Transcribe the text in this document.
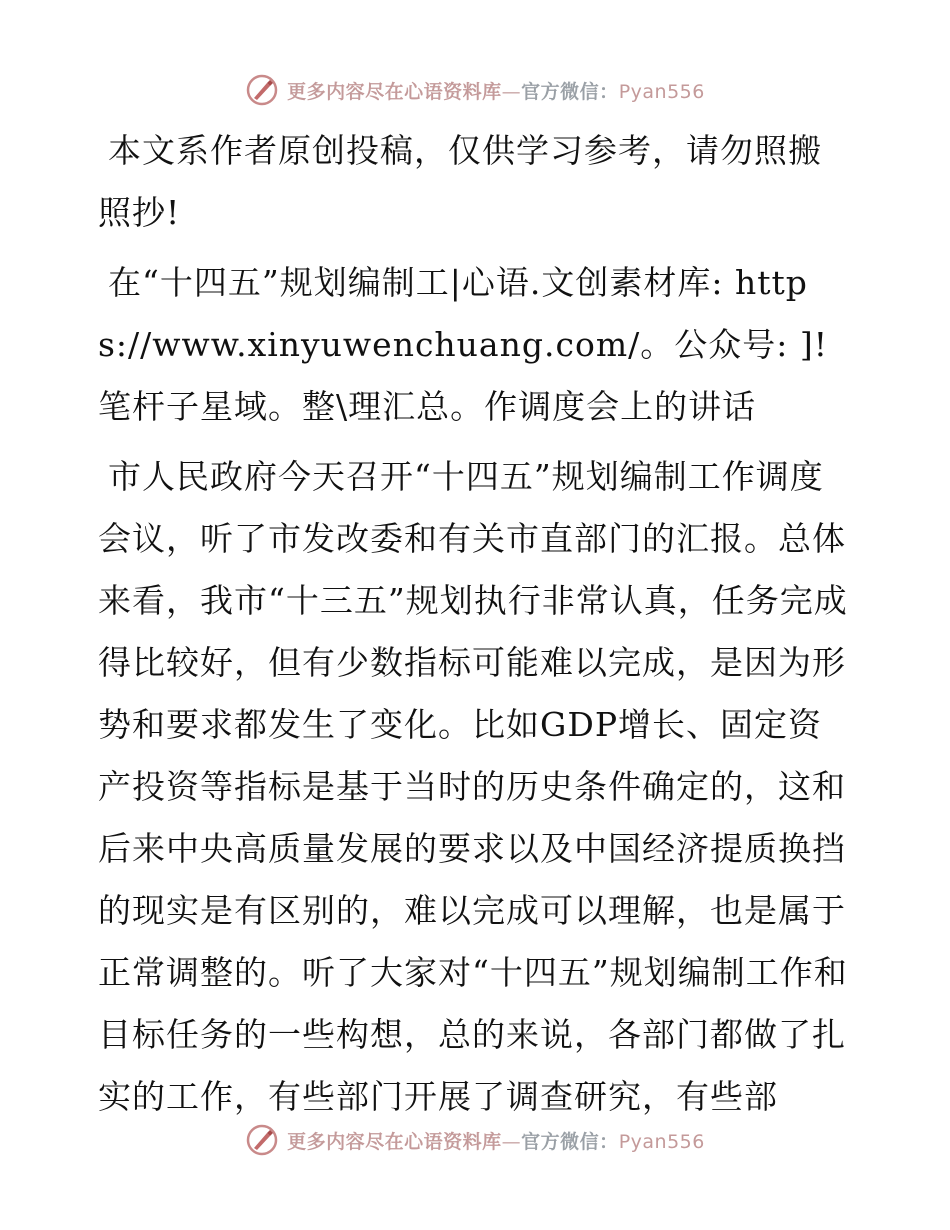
更多内容尽在心语资料库—官方微信：Pyan556

本文系作者原创投稿，仅供学习参考，请勿照搬照抄!

在“十四五”规划编制工|心语.文创素材库: https://www.xinyuwenchuang.com/。公众号: ]!笔杆子星域。整\理汇总。作调度会上的讲话

市人民政府今天召开“十四五”规划编制工作调度会议，听了市发改委和有关市直部门的汇报。总体来看，我市“十三五”规划执行非常认真，任务完成得比较好，但有少数指标可能难以完成，是因为形势和要求都发生了变化。比如GDP增长、固定资产投资等指标是基于当时的历史条件确定的，这和后来中央高质量发展的要求以及中国经济提质换挡的现实是有区别的，难以完成可以理解，也是属于正常调整的。听了大家对“十四五”规划编制工作和目标任务的一些构想，总的来说，各部门都做了扎实的工作，有些部门开展了调查研究，有些部

更多内容尽在心语资料库—官方微信：Pyan556
